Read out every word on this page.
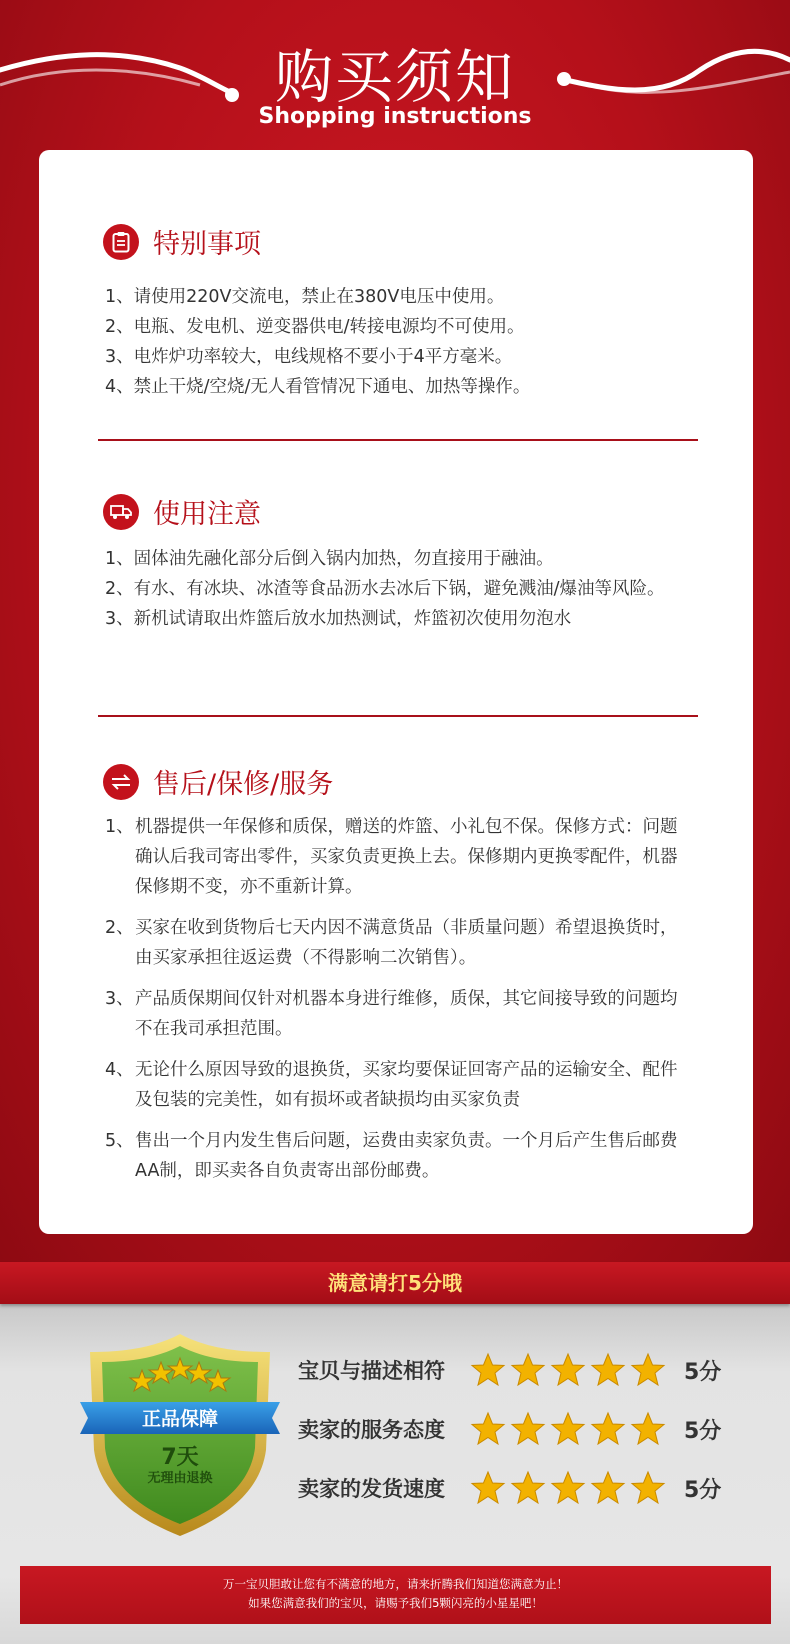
购买须知
Shopping instructions
特别事项
1、请使用220V交流电，禁止在380V电压中使用。
2、电瓶、发电机、逆变器供电/转接电源均不可使用。
3、电炸炉功率较大，电线规格不要小于4平方毫米。
4、禁止干烧/空烧/无人看管情况下通电、加热等操作。
使用注意
1、固体油先融化部分后倒入锅内加热，勿直接用于融油。
2、有水、有冰块、冰渣等食品沥水去冰后下锅，避免溅油/爆油等风险。
3、新机试请取出炸篮后放水加热测试，炸篮初次使用勿泡水
售后/保修/服务
1、 机器提供一年保修和质保，赠送的炸篮、小礼包不保。保修方式：问题确认后我司寄出零件，买家负责更换上去。保修期内更换零配件，机器保修期不变，亦不重新计算。
2、 买家在收到货物后七天内因不满意货品（非质量问题）希望退换货时， 由买家承担往返运费（不得影响二次销售）。
3、 产品质保期间仅针对机器本身进行维修，质保，其它间接导致的问题均不在我司承担范围。
4、 无论什么原因导致的退换货，买家均要保证回寄产品的运输安全、配件及包装的完美性，如有损坏或者缺损均由买家负责
5、 售出一个月内发生售后问题，运费由卖家负责。一个月后产生售后邮费AA制，即买卖各自负责寄出部份邮费。
满意请打5分哦
正品保障
7天
无理由退换
宝贝与描述相符	5分
卖家的服务态度	5分
卖家的发货速度	5分
万一宝贝胆敢让您有不满意的地方，请来折腾我们知道您满意为止！
如果您满意我们的宝贝，请赐予我们5颗闪亮的小星星吧！
